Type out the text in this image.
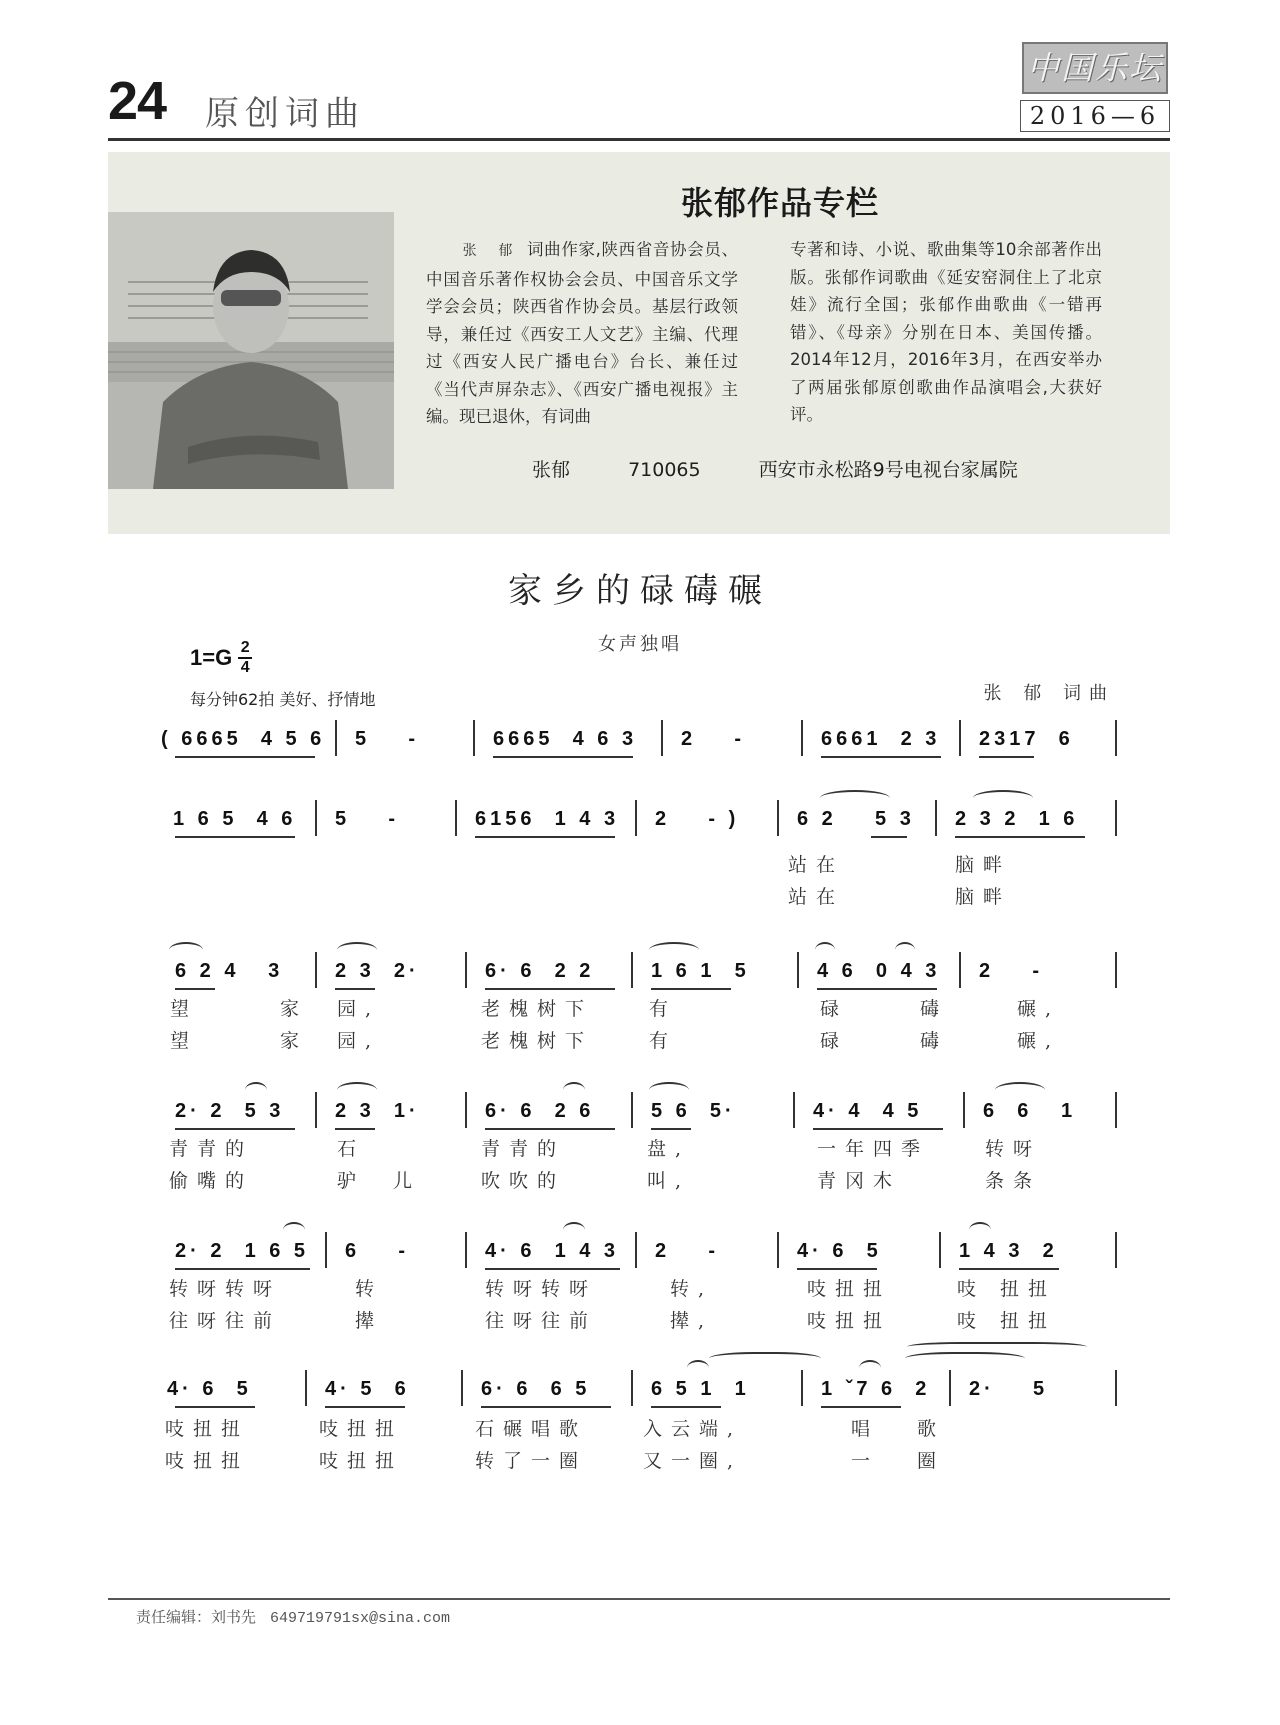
24 原创词曲
中国乐坛
2016—6
张郁作品专栏
张 郁 词曲作家,陕西省音协会员、中国音乐著作权协会会员、中国音乐文学学会会员；陕西省作协会员。基层行政领导，兼任过《西安工人文艺》主编、代理过《西安人民广播电台》台长、兼任过《当代声屏杂志》、《西安广播电视报》主编。现已退休，有词曲
专著和诗、小说、歌曲集等10余部著作出版。张郁作词歌曲《延安窑洞住上了北京娃》流行全国；张郁作曲歌曲《一错再错》、《母亲》分别在日本、美国传播。2014年12月，2016年3月，在西安举办了两届张郁原创歌曲作品演唱会,大获好评。
张郁	710065	西安市永松路9号电视台家属院
家乡的碌碡碾
女声独唱
1=G 2
4
每分钟62拍 美好、抒情地	张 郁 词曲
( 6665  4 5 6 5    -	6665  4 6 3 2    -	6661  2 3 2317  6
1 6 5  4 6 5    -	6156  1 4 3 2    - )	6 2    5 3 2 3 2  1 6
站在	脑畔
站在	脑畔
6 2 4   3	2 3  2·	6· 6  2 2	1 6 1  5	4 6  0 4 3 2    -
望	家 园,	老槐树下	有	碌	碡	碾,
望	家 园,	老槐树下	有	碌	碡	碾,
2· 2  5 3	2 3  1·	6· 6  2 6	5 6  5·	4· 4  4 5	6  6   1
青青的	石	青青的	盘,	一年四季	转呀
偷嘴的	驴 儿	吹吹的	叫,	青冈木	条条
2· 2  1 6 5 6    -	4· 6  1 4 3 2    -	4· 6  5	1 4 3  2
转呀转呀	转	转呀转呀	转,	吱扭扭	吱 扭扭
往呀往前	撵	往呀往前	撵,	吱扭扭	吱 扭扭
4· 6  5	4· 5  6	6· 6  6 5	6 5 1  1	1 ˇ7 6  2 2·    5
吱扭扭	吱扭扭	石碾唱歌	入云端,	唱 歌
吱扭扭	吱扭扭	转了一圈	又一圈,	一 圈
责任编辑：刘书先 649719791sx@sina.com
